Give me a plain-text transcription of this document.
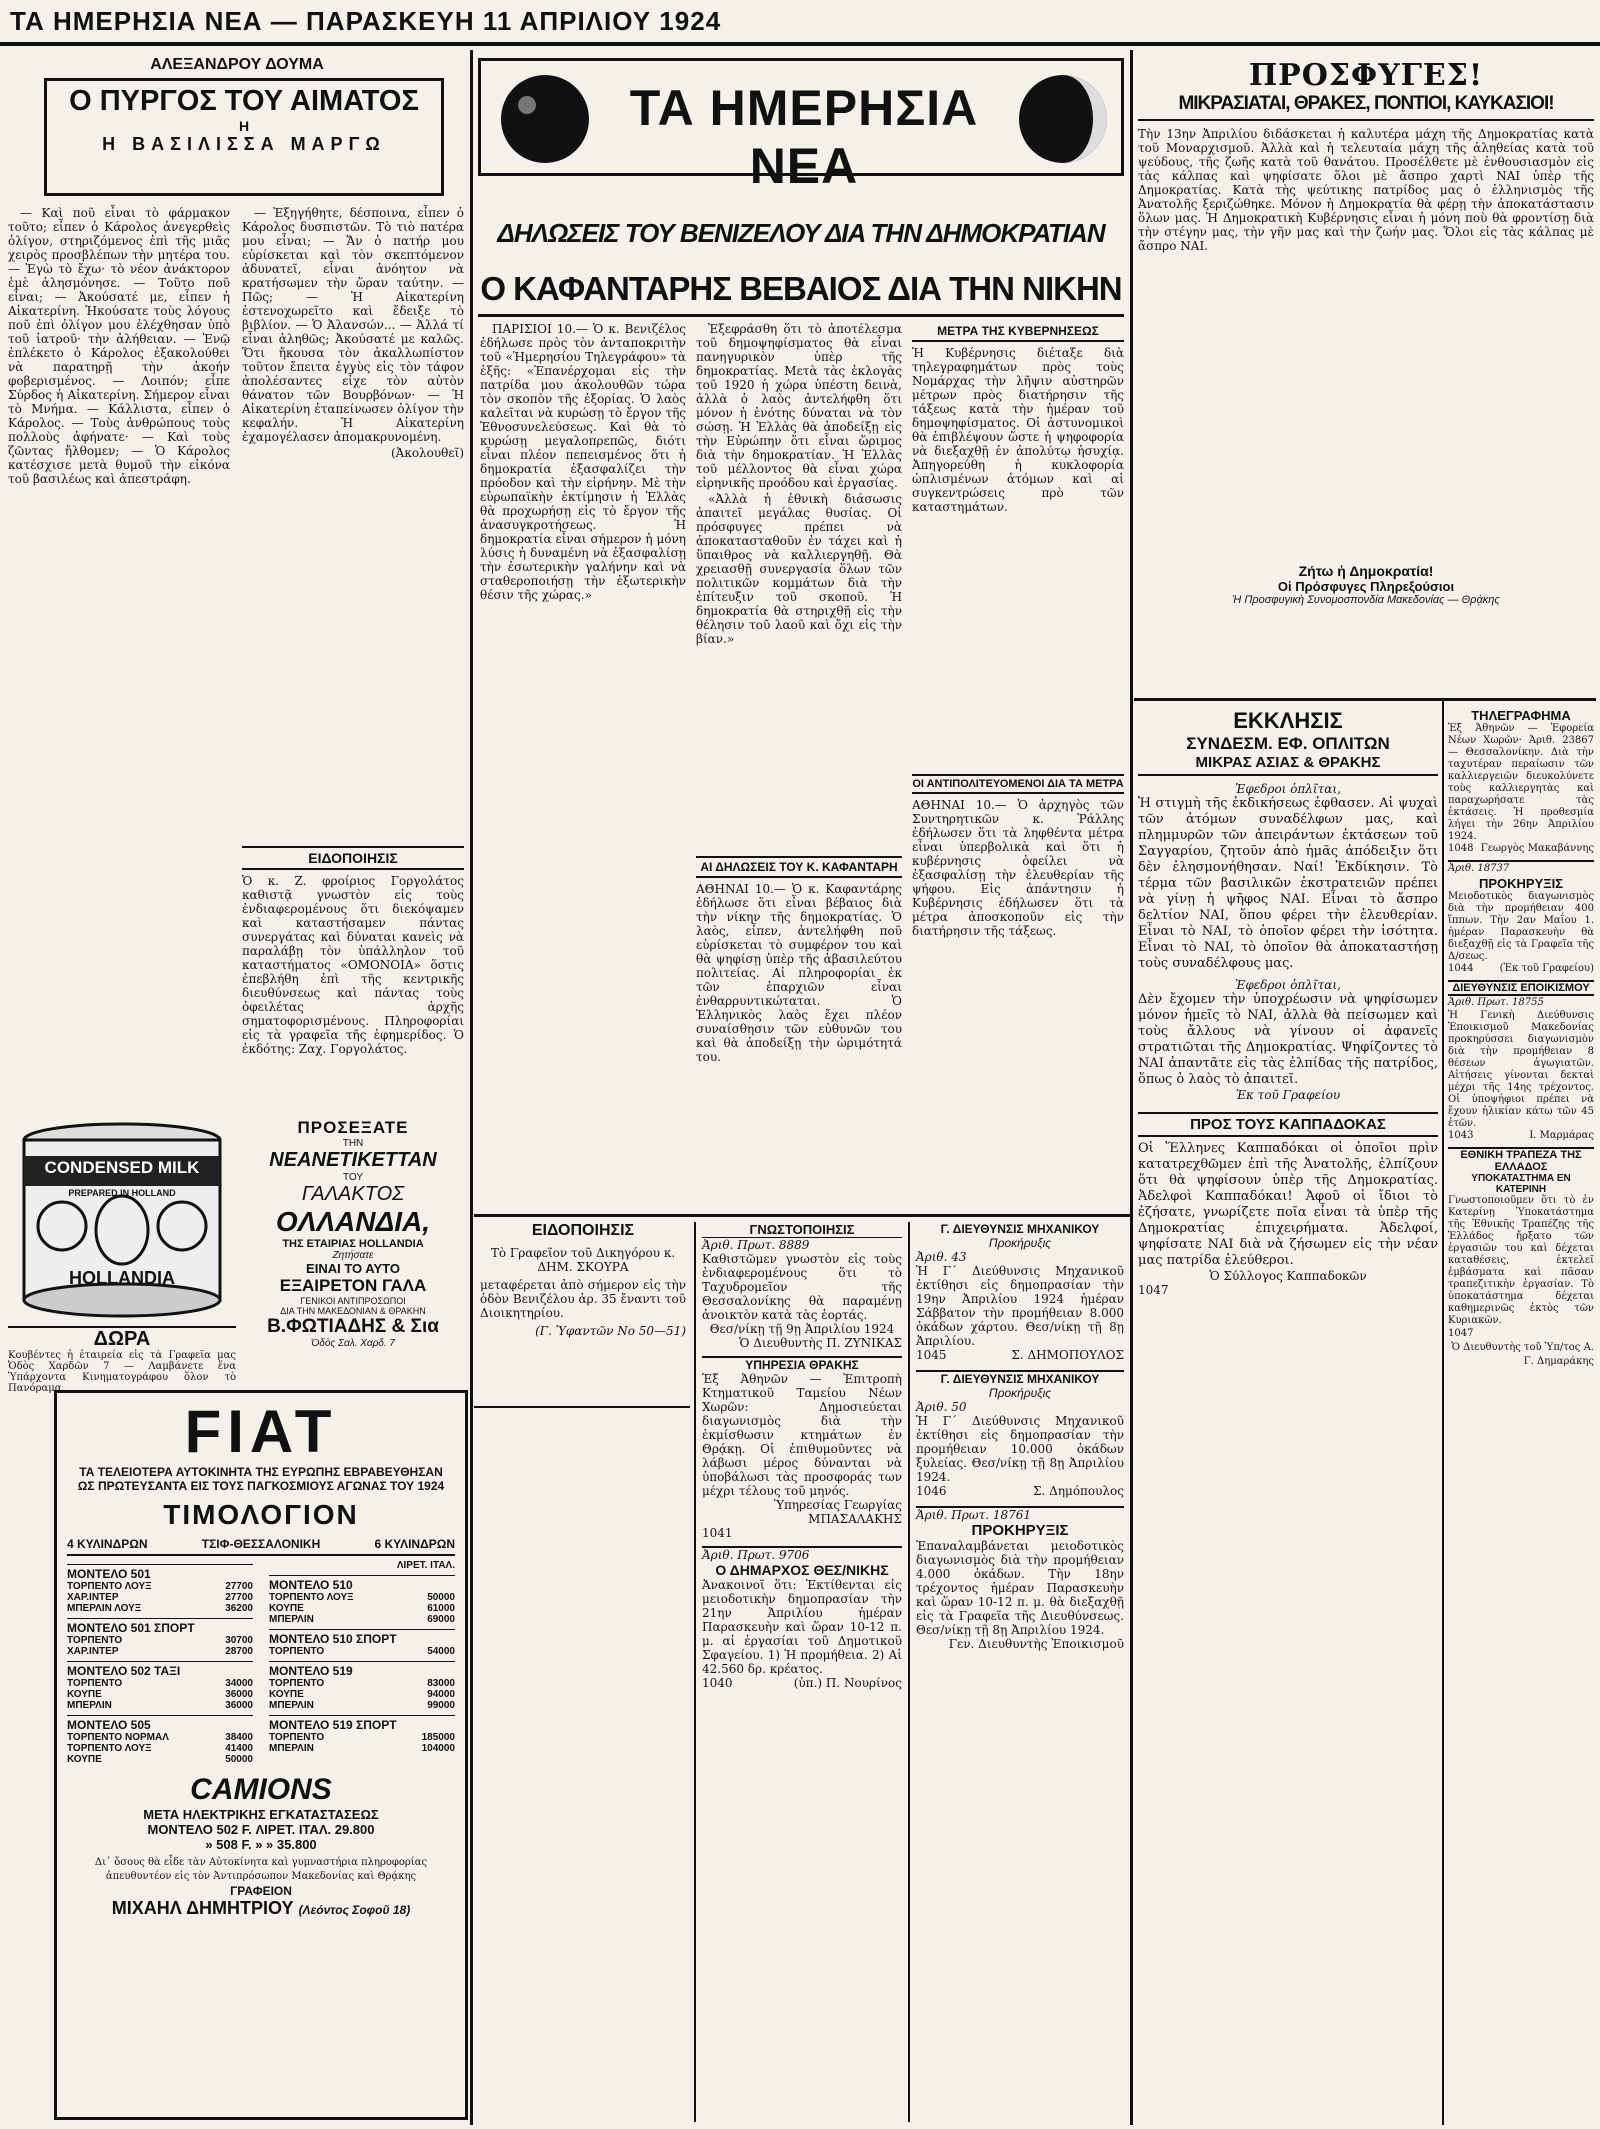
ΤΑ ΗΜΕΡΗΣΙΑ ΝΕΑ — ΠΑΡΑΣΚΕΥΗ 11 ΑΠΡΙΛΙΟΥ 1924
ΑΛΕΞΑΝΔΡΟΥ ΔΟΥΜΑ
Ο ΠΥΡΓΟΣ ΤΟΥ ΑΙΜΑΤΟΣ
Η
Η ΒΑΣΙΛΙΣΣΑ ΜΑΡΓΩ

— Καὶ ποῦ εἶναι τὸ φάρμακον τοῦτο; εἶπεν ὁ Κάρολος ἀνεγερθεὶς ὀλίγον, στηριζόμενος ἐπὶ τῆς μιᾶς χειρὸς προσβλέπων τὴν μητέρα του. — Ἐγὼ τὸ ἔχω· τὸ νέον ἀνάκτορον ἐμὲ ἀλησμόνησε. — Τοῦτο ποῦ εἶναι; — Ἀκούσατέ με, εἶπεν ἡ Αἰκατερίνη. Ἠκούσατε τοὺς λόγους ποῦ ἐπὶ ὀλίγον μου ἐλέχθησαν ὑπὸ τοῦ ἰατροῦ· τὴν ἀλήθειαν. — Ἐνῷ ἐπλέκετο ὁ Κάρολος ἐξακολούθει νὰ παρατηρῇ τὴν ἀκοήν φοβερισμένος. — Λοιπόν; εἶπε Σύρδος ἡ Αἰκατερίνη. Σήμερον εἶναι τὸ Μνήμα. — Κάλλιστα, εἶπεν ὁ Κάρολος. — Τοὺς ἀνθρώπους τοὺς πολλοὺς ἀφήνατε· — Καὶ τοὺς ζῶντας ἤλθομεν; — Ὁ Κάρολος κατέσχισε μετὰ θυμοῦ τὴν εἰκόνα τοῦ βασιλέως καὶ ἀπεστράφη.

— Ἐξηγήθητε, δέσποινα, εἶπεν ὁ Κάρολος δυσπιστῶν. Τὸ τιὸ πατέρα μου εἶναι; — Ἄν ὁ πατήρ μου εὑρίσκεται καὶ τὸν σκεπτόμενον ἀδυνατεῖ, εἶναι ἀνόητον νὰ κρατήσωμεν τὴν ὥραν ταύτην. — Πῶς; — Ἡ Αἰκατερίνη ἐστενοχωρεῖτο καὶ ἔδειξε τὸ βιβλίον. — Ὁ Ἀλανσών... — Ἀλλά τί εἶναι ἀληθῶς; Ἀκούσατέ με καλῶς. Ὅτι ἤκουσα τὸν ἀκαλλωπίστον τοῦτον ἔπειτα ἐγγὺς εἰς τὸν τάφον ἀπολέσαντες εἶχε τὸν αὐτὸν θάνατον τῶν Βουρβόνων· — Ἡ Αἰκατερίνη ἐταπείνωσεν ὀλίγον τὴν κεφαλήν. Ἡ Αἰκατερίνη ἐχαμογέλασεν ἀπομακρυνομένη.

(Ἀκολουθεῖ)

ΕΙΔΟΠΟΙΗΣΙΣ
Ὁ κ. Ζ. φροίριος Γοργολάτος καθιστᾷ γνωστὸν εἰς τοὺς ἐνδιαφερομένους ὅτι διεκόψαμεν καὶ καταστήσαμεν πάντας συνεργάτας καὶ δύναται κανεὶς νὰ παραλάβῃ τὸν ὑπάλληλον τοῦ καταστήματος «ΟΜΟΝΟΙΑ» ὅστις ἐπεβλήθη ἐπὶ τῆς κεντρικῆς διευθύνσεως καὶ πάντας τοὺς ὀφειλέτας ἀρχῆς σηματοφορισμένους. Πληροφορίαι εἰς τὰ γραφεῖα τῆς ἐφημερίδος. Ὁ ἐκδότης: Ζαχ. Γοργολάτος.
CONDENSED MILK
PREPARED IN HOLLAND
HOLLANDIA
ΔΩΡΑ
Κουβέντες ἡ ἐταιρεία εἰς τὰ Γραφεῖα μας Ὁδὸς Χαρδῶν 7 — Λαμβάνετε ἕνα Ὑπάρχοντα Κινηματογράφου ὅλον τὸ Πανόραμα.
ΠΡΟΣΕΞΑΤΕ
ΤΗΝ
ΝΕΑΝΕΤΙΚΕΤΤΑΝ
ΤΟΥ
ΓΑΛΑΚΤΟΣ
ΟΛΛΑΝΔΙΑ,
ΤΗΣ ΕΤΑΙΡΙΑΣ HOLLANDIA
Ζητήσατε
ΕΙΝΑΙ ΤΟ ΑΥΤΟ
ΕΞΑΙΡΕΤΟΝ ΓΑΛΑ
ΓΕΝΙΚΟΙ ΑΝΤΙΠΡΟΣΩΠΟΙ
ΔΙΑ ΤΗΝ ΜΑΚΕΔΟΝΙΑΝ & ΘΡΑΚΗΝ
Β.ΦΩΤΙΑΔΗΣ & Σια
Ὁδὸς Σαλ. Χαρδ. 7
FIAT
ΤΑ ΤΕΛΕΙΟΤΕΡΑ ΑΥΤΟΚΙΝΗΤΑ ΤΗΣ ΕΥΡΩΠΗΣ ΕΒΡΑΒΕΥΘΗΣΑΝ
ΩΣ ΠΡΩΤΕΥΣΑΝΤΑ ΕΙΣ ΤΟΥΣ ΠΑΓΚΟΣΜΙΟΥΣ ΑΓΩΝΑΣ ΤΟΥ 1924
ΤΙΜΟΛΟΓΙΟΝ
4 ΚΥΛΙΝΔΡΩΝ	ΤΣΙΦ-ΘΕΣΣΑΛΟΝΙΚΗ	6 ΚΥΛΙΝΔΡΩΝ
ΜΟΝΤΕΛΟ 501
ΤΟΡΠΕΝΤΟ ΛΟΥΞ	27700
ΧΑΡ.ΙΝΤΕΡ	27700
ΜΠΕΡΛΙΝ ΛΟΥΞ	36200
ΜΟΝΤΕΛΟ 501 ΣΠΟΡΤ
ΤΟΡΠΕΝΤΟ	30700
ΧΑΡ.ΙΝΤΕΡ	28700
ΜΟΝΤΕΛΟ 502 ΤΑΞΙ
ΤΟΡΠΕΝΤΟ	34000
ΚΟΥΠΕ	36000
ΜΠΕΡΛΙΝ	36000
ΜΟΝΤΕΛΟ 505
ΤΟΡΠΕΝΤΟ ΝΟΡΜΑΛ	38400
ΤΟΡΠΕΝΤΟ ΛΟΥΞ	41400
ΚΟΥΠΕ	50000
ΛΙΡΕΤ. ΙΤΑΛ.
ΜΟΝΤΕΛΟ 510
ΤΟΡΠΕΝΤΟ ΛΟΥΞ	50000
ΚΟΥΠΕ	61000
ΜΠΕΡΛΙΝ	69000
ΜΟΝΤΕΛΟ 510 ΣΠΟΡΤ
ΤΟΡΠΕΝΤΟ	54000
ΜΟΝΤΕΛΟ 519
ΤΟΡΠΕΝΤΟ	83000
ΚΟΥΠΕ	94000
ΜΠΕΡΛΙΝ	99000
ΜΟΝΤΕΛΟ 519 ΣΠΟΡΤ
ΤΟΡΠΕΝΤΟ	185000
ΜΠΕΡΛΙΝ	104000
CAMIONS
ΜΕΤΑ ΗΛΕΚΤΡΙΚΗΣ ΕΓΚΑΤΑΣΤΑΣΕΩΣ
ΜΟΝΤΕΛΟ 502 F. ΛΙΡΕΤ. ΙΤΑΛ. 29.800
» 508 F. » » 35.800
Δι᾽ ὅσους θὰ εἶδε τὰν Αὐτοκίνητα καὶ γυμναστήρια πληροφορίας ἀπευθυντέον εἰς τὸν Ἀντιπρόσωπον Μακεδονίας καὶ Θρᾴκης
ΓΡΑΦΕΙΟΝ
ΜΙΧΑΗΛ ΔΗΜΗΤΡΙΟΥ (Λεόντος Σοφοῦ 18)
ΤΑ ΗΜΕΡΗΣΙΑ ΝΕΑ
ΔΗΛΩΣΕΙΣ ΤΟΥ ΒΕΝΙΖΕΛΟΥ ΔΙΑ ΤΗΝ ΔΗΜΟΚΡΑΤΙΑΝ
Ο ΚΑΦΑΝΤΑΡΗΣ ΒΕΒΑΙΟΣ ΔΙΑ ΤΗΝ ΝΙΚΗΝ

ΠΑΡΙΣΙΟΙ 10.— Ὁ κ. Βενιζέλος ἐδήλωσε πρὸς τὸν ἀνταποκριτὴν τοῦ «Ἡμερησίου Τηλεγράφου» τὰ ἑξῆς: «Ἐπανέρχομαι εἰς τὴν πατρίδα μου ἀκολουθῶν τώρα τὸν σκοπὸν τῆς ἐξορίας. Ὁ λαὸς καλεῖται νὰ κυρώσῃ τὸ ἔργον τῆς Ἐθνοσυνελεύσεως. Καὶ θὰ τὸ κυρώσῃ μεγαλοπρεπῶς, διότι εἶναι πλέον πεπεισμένος ὅτι ἡ δημοκρατία ἐξασφαλίζει τὴν πρόοδον καὶ τὴν εἰρήνην. Μὲ τὴν εὐρωπαϊκὴν ἐκτίμησιν ἡ Ἑλλὰς θὰ προχωρήσῃ εἰς τὸ ἔργον τῆς ἀνασυγκροτήσεως. Ἡ δημοκρατία εἶναι σήμερον ἡ μόνη λύσις ἡ δυναμένη νὰ ἐξασφαλίσῃ τὴν ἐσωτερικὴν γαλήνην καὶ νὰ σταθεροποιήσῃ τὴν ἐξωτερικὴν θέσιν τῆς χώρας.»

Ἐξεφράσθη ὅτι τὸ ἀποτέλεσμα τοῦ δημοψηφίσματος θὰ εἶναι πανηγυρικὸν ὑπὲρ τῆς δημοκρατίας. Μετὰ τὰς ἐκλογὰς τοῦ 1920 ἡ χώρα ὑπέστη δεινὰ, ἀλλὰ ὁ λαὸς ἀντελήφθη ὅτι μόνον ἡ ἑνότης δύναται νὰ τὸν σώσῃ. Ἡ Ἑλλὰς θὰ ἀποδείξῃ εἰς τὴν Εὐρώπην ὅτι εἶναι ὥριμος διὰ τὴν δημοκρατίαν. Ἡ Ἑλλὰς τοῦ μέλλοντος θὰ εἶναι χώρα εἰρηνικῆς προόδου καὶ ἐργασίας.

«Ἀλλὰ ἡ ἐθνικὴ διάσωσις ἀπαιτεῖ μεγάλας θυσίας. Οἱ πρόσφυγες πρέπει νὰ ἀποκατασταθοῦν ἐν τάχει καὶ ἡ ὕπαιθρος νὰ καλλιεργηθῇ. Θὰ χρειασθῇ συνεργασία ὅλων τῶν πολιτικῶν κομμάτων διὰ τὴν ἐπίτευξιν τοῦ σκοποῦ. Ἡ δημοκρατία θὰ στηριχθῇ εἰς τὴν θέλησιν τοῦ λαοῦ καὶ ὄχι εἰς τὴν βίαν.»

ΑΙ ΔΗΛΩΣΕΙΣ ΤΟΥ Κ. ΚΑΦΑΝΤΑΡΗ
ΑΘΗΝΑΙ 10.— Ὁ κ. Καφαντάρης ἐδήλωσε ὅτι εἶναι βέβαιος διὰ τὴν νίκην τῆς δημοκρατίας. Ὁ λαὸς, εἶπεν, ἀντελήφθη ποῦ εὑρίσκεται τὸ συμφέρον του καὶ θὰ ψηφίσῃ ὑπὲρ τῆς ἀβασιλεύτου πολιτείας. Αἱ πληροφορίαι ἐκ τῶν ἐπαρχιῶν εἶναι ἐνθαρρυντικώταται. Ὁ Ἑλληνικὸς λαὸς ἔχει πλέον συναίσθησιν τῶν εὐθυνῶν του καὶ θὰ ἀποδείξῃ τὴν ὡριμότητά του.
ΜΕΤΡΑ ΤΗΣ ΚΥΒΕΡΝΗΣΕΩΣ
Ἡ Κυβέρνησις διέταξε διὰ τηλεγραφημάτων πρὸς τοὺς Νομάρχας τὴν λῆψιν αὐστηρῶν μέτρων πρὸς διατήρησιν τῆς τάξεως κατὰ τὴν ἡμέραν τοῦ δημοψηφίσματος. Οἱ ἀστυνομικοὶ θὰ ἐπιβλέψουν ὥστε ἡ ψηφοφορία νὰ διεξαχθῇ ἐν ἀπολύτῳ ἡσυχίᾳ. Ἀπηγορεύθη ἡ κυκλοφορία ὡπλισμένων ἀτόμων καὶ αἱ συγκεντρώσεις πρὸ τῶν καταστημάτων.
ΟΙ ΑΝΤΙΠΟΛΙΤΕΥΟΜΕΝΟΙ ΔΙΑ ΤΑ ΜΕΤΡΑ
ΑΘΗΝΑΙ 10.— Ὁ ἀρχηγὸς τῶν Συντηρητικῶν κ. Ῥάλλης ἐδήλωσεν ὅτι τὰ ληφθέντα μέτρα εἶναι ὑπερβολικὰ καὶ ὅτι ἡ κυβέρνησις ὀφείλει νὰ ἐξασφαλίσῃ τὴν ἐλευθερίαν τῆς ψήφου. Εἰς ἀπάντησιν ἡ Κυβέρνησις ἐδήλωσεν ὅτι τὰ μέτρα ἀποσκοποῦν εἰς τὴν διατήρησιν τῆς τάξεως.
ΕΙΔΟΠΟΙΗΣΙΣ
Τὸ Γραφεῖον τοῦ Δικηγόρου κ. ΔΗΜ. ΣΚΟΥΡΑ
μεταφέρεται ἀπὸ σήμερον εἰς τὴν ὁδὸν Βενιζέλου ἀρ. 35 ἔναντι τοῦ Διοικητηρίου.
(Γ. Ὑφαντῶν Νο 50—51)
ΓΝΩΣΤΟΠΟΙΗΣΙΣ
Ἀριθ. Πρωτ. 8889
Καθιστῶμεν γνωστὸν εἰς τοὺς ἐνδιαφερομένους ὅτι τὸ Ταχυδρομεῖον τῆς Θεσσαλονίκης θὰ παραμένῃ ἀνοικτὸν κατὰ τὰς ἑορτάς.
Θεσ/νίκῃ τῇ 9ῃ Ἀπριλίου 1924
Ὁ Διευθυντὴς Π. ΖΥΝΙΚΑΣ
ΥΠΗΡΕΣΙΑ ΘΡΑΚΗΣ
Ἐξ Ἀθηνῶν — Ἐπιτροπὴ Κτηματικοῦ Ταμείου Νέων Χωρῶν: Δημοσιεύεται διαγωνισμὸς διὰ τὴν ἐκμίσθωσιν κτημάτων ἐν Θρᾴκῃ. Οἱ ἐπιθυμοῦντες νὰ λάβωσι μέρος δύνανται νὰ ὑποβάλωσι τὰς προσφοράς των μέχρι τέλους τοῦ μηνός.
Ὑπηρεσίας Γεωργίας ΜΠΑΣΑΛΑΚΗΣ
1041
Ἀριθ. Πρωτ. 9706
Ο ΔΗΜΑΡΧΟΣ ΘΕΣ/ΝΙΚΗΣ
Ἀνακοινοῖ ὅτι: Ἐκτίθενται εἰς μειοδοτικὴν δημοπρασίαν τὴν 21ην Ἀπριλίου ἡμέραν Παρασκευὴν καὶ ὥραν 10-12 π. μ. αἱ ἐργασίαι τοῦ Δημοτικοῦ Σφαγείου. 1) Ἡ προμήθεια. 2) Αἱ 42.560 δρ. κρέατος.
1040	(ὑπ.) Π. Νουρίνος
Γ. ΔΙΕΥΘΥΝΣΙΣ ΜΗΧΑΝΙΚΟΥ
Προκήρυξις
Ἀριθ. 43
Ἡ Γ΄ Διεύθυνσις Μηχανικοῦ ἐκτίθησι εἰς δημοπρασίαν τὴν 19ην Ἀπριλίου 1924 ἡμέραν Σάββατον τὴν προμήθειαν 8.000 ὀκάδων χάρτου. Θεσ/νίκῃ τῇ 8ῃ Ἀπριλίου.
1045	Σ. ΔΗΜΟΠΟΥΛΟΣ
Γ. ΔΙΕΥΘΥΝΣΙΣ ΜΗΧΑΝΙΚΟΥ
Προκήρυξις
Ἀριθ. 50
Ἡ Γ΄ Διεύθυνσις Μηχανικοῦ ἐκτίθησι εἰς δημοπρασίαν τὴν προμήθειαν 10.000 ὀκάδων ξυλείας. Θεσ/νίκῃ τῇ 8ῃ Ἀπριλίου 1924.
1046	Σ. Δημόπουλος
Ἀριθ. Πρωτ. 18761
ΠΡΟΚΗΡΥΞΙΣ
Ἐπαναλαμβάνεται μειοδοτικὸς διαγωνισμὸς διὰ τὴν προμήθειαν 4.000 ὀκάδων. Τὴν 18ην τρέχοντος ἡμέραν Παρασκευὴν καὶ ὥραν 10-12 π. μ. θὰ διεξαχθῇ εἰς τὰ Γραφεῖα τῆς Διευθύνσεως. Θεσ/νίκῃ τῇ 8ῃ Ἀπριλίου 1924.
Γεν. Διευθυντὴς Ἐποικισμοῦ
ΠΡΟΣΦΥΓΕΣ!
ΜΙΚΡΑΣΙΑΤΑΙ, ΘΡΑΚΕΣ, ΠΟΝΤΙΟΙ, ΚΑΥΚΑΣΙΟΙ!
Τὴν 13ην Ἀπριλίου διδάσκεται ἡ καλυτέρα μάχη τῆς Δημοκρατίας κατὰ τοῦ Μοναρχισμοῦ. Ἀλλὰ καὶ ἡ τελευταία μάχη τῆς ἀληθείας κατὰ τοῦ ψεύδους, τῆς ζωῆς κατὰ τοῦ θανάτου. Προσέλθετε μὲ ἐνθουσιασμὸν εἰς τὰς κάλπας καὶ ψηφίσατε ὅλοι μὲ ἄσπρο χαρτὶ ΝΑΙ ὑπὲρ τῆς Δημοκρατίας. Κατὰ τὴς ψεύτικης πατρίδος μας ὁ ἑλληνισμὸς τῆς Ἀνατολῆς ξεριζώθηκε. Μόνον ἡ Δημοκρατία θὰ φέρῃ τὴν ἀποκατάστασιν ὅλων μας. Ἡ Δημοκρατικὴ Κυβέρνησις εἶναι ἡ μόνη ποὺ θὰ φροντίσῃ διὰ τὴν στέγην μας, τὴν γῆν μας καὶ τὴν ζωήν μας. Ὅλοι εἰς τὰς κάλπας μὲ ἄσπρο ΝΑΙ.
Ζήτω ἡ Δημοκρατία!
Οἱ Πρόσφυγες Πληρεξούσιοι
Ἡ Προσφυγικὴ Συνομοσπονδία Μακεδονίας — Θρᾴκης
ΕΚΚΛΗΣΙΣ
ΣΥΝΔΕΣΜ. ΕΦ. ΟΠΛΙΤΩΝ
ΜΙΚΡΑΣ ΑΣΙΑΣ & ΘΡΑΚΗΣ
Ἐφεδροι ὁπλῖται,
Ἡ στιγμὴ τῆς ἐκδικήσεως ἐφθασεν. Αἱ ψυχαὶ τῶν ἀτόμων συναδέλφων μας, καὶ πλημμυρῶν τῶν ἀπειράντων ἐκτάσεων τοῦ Σαγγαρίου, ζητοῦν ἀπὸ ἡμᾶς ἀπόδειξιν ὅτι δὲν ἐλησμονήθησαν. Ναί! Ἐκδίκησιν. Τὸ τέρμα τῶν βασιλικῶν ἐκστρατειῶν πρέπει νὰ γίνῃ ἡ ψῆφος ΝΑΙ. Εἶναι τὸ ἄσπρο δελτίον ΝΑΙ, ὅπου φέρει τὴν ἐλευθερίαν. Εἶναι τὸ ΝΑΙ, τὸ ὁποῖον φέρει τὴν ἰσότητα. Εἶναι τὸ ΝΑΙ, τὸ ὁποῖον θὰ ἀποκαταστήσῃ τοὺς συναδέλφους μας.
Ἐφεδροι ὁπλῖται,
Δὲν ἔχομεν τὴν ὑποχρέωσιν νὰ ψηφίσωμεν μόνον ἡμεῖς τὸ ΝΑΙ, ἀλλὰ θὰ πείσωμεν καὶ τοὺς ἄλλους νὰ γίνουν οἱ ἀφανεῖς στρατιῶται τῆς Δημοκρατίας. Ψηφίζοντες τὸ ΝΑΙ ἀπαντᾶτε εἰς τὰς ἐλπίδας τῆς πατρίδος, ὅπως ὁ λαὸς τὸ ἀπαιτεῖ.
Ἐκ τοῦ Γραφείου
ΠΡΟΣ ΤΟΥΣ ΚΑΠΠΑΔΟΚΑΣ
Οἱ Ἕλληνες Καππαδόκαι οἱ ὁποῖοι πρὶν κατατρεχθῶμεν ἐπὶ τῆς Ἀνατολῆς, ἐλπίζουν ὅτι θὰ ψηφίσουν ὑπὲρ τῆς Δημοκρατίας. Ἀδελφοὶ Καππαδόκαι! Ἀφοῦ οἱ ἴδιοι τὸ ἐζήσατε, γνωρίζετε ποῖα εἶναι τὰ ὑπὲρ τῆς Δημοκρατίας ἐπιχειρήματα. Ἀδελφοί, ψηφίσατε ΝΑΙ διὰ νὰ ζήσωμεν εἰς τὴν νέαν μας πατρίδα ἐλεύθεροι.
Ὁ Σύλλογος Καππαδοκῶν
1047
ΤΗΛΕΓΡΑΦΗΜΑ
Ἐξ Ἀθηνῶν — Ἐφορεία Νέων Χωρῶν· Ἀριθ. 23867 — Θεσσαλονίκην. Διὰ τὴν ταχυτέραν περαίωσιν τῶν καλλιεργειῶν διευκολύνετε τοὺς καλλιεργητὰς καὶ παραχωρήσατε τὰς ἐκτάσεις. Ἡ προθεσμία λήγει τὴν 26ην Ἀπριλίου 1924.
1048 Γεωργὸς Μακαβάννης
Ἀριθ. 18737
ΠΡΟΚΗΡΥΞΙΣ
Μειοδοτικὸς διαγωνισμὸς διὰ τὴν προμήθειαν 400 ἵππων. Τὴν 2αν Μαΐου 1. ἡμέραν Παρασκευὴν θὰ διεξαχθῇ εἰς τὰ Γραφεῖα τῆς Δ/σεως.
1044	(Ἐκ τοῦ Γραφείου)
ΔΙΕΥΘΥΝΣΙΣ ΕΠΟΙΚΙΣΜΟΥ
Ἀριθ. Πρωτ. 18755
Ἡ Γενικὴ Διεύθυνσις Ἐποικισμοῦ Μακεδονίας προκηρύσσει διαγωνισμὸν διὰ τὴν προμήθειαν 8 θέσεων ἀγωγιατῶν. Αἰτήσεις γίνονται δεκταὶ μέχρι τῆς 14ης τρέχοντος. Οἱ ὑποψήφιοι πρέπει νὰ ἔχουν ἡλικίαν κάτω τῶν 45 ἐτῶν.
1043	Ι. Μαρμάρας
ΕΘΝΙΚΗ ΤΡΑΠΕΖΑ ΤΗΣ ΕΛΛΑΔΟΣ
ΥΠΟΚΑΤΑΣΤΗΜΑ ΕΝ ΚΑΤΕΡΙΝΗ
Γνωστοποιοῦμεν ὅτι τὸ ἐν Κατερίνῃ Ὑποκατάστημα τῆς Ἐθνικῆς Τραπέζης τῆς Ἑλλάδος ἤρξατο τῶν ἐργασιῶν του καὶ δέχεται καταθέσεις, ἐκτελεῖ ἐμβάσματα καὶ πᾶσαν τραπεζιτικὴν ἐργασίαν. Τὸ ὑποκατάστημα δέχεται καθημερινῶς ἐκτὸς τῶν Κυριακῶν.
1047
Ὁ Διευθυντὴς τοῦ Ὑπ/τος Α. Γ. Δημαράκης
